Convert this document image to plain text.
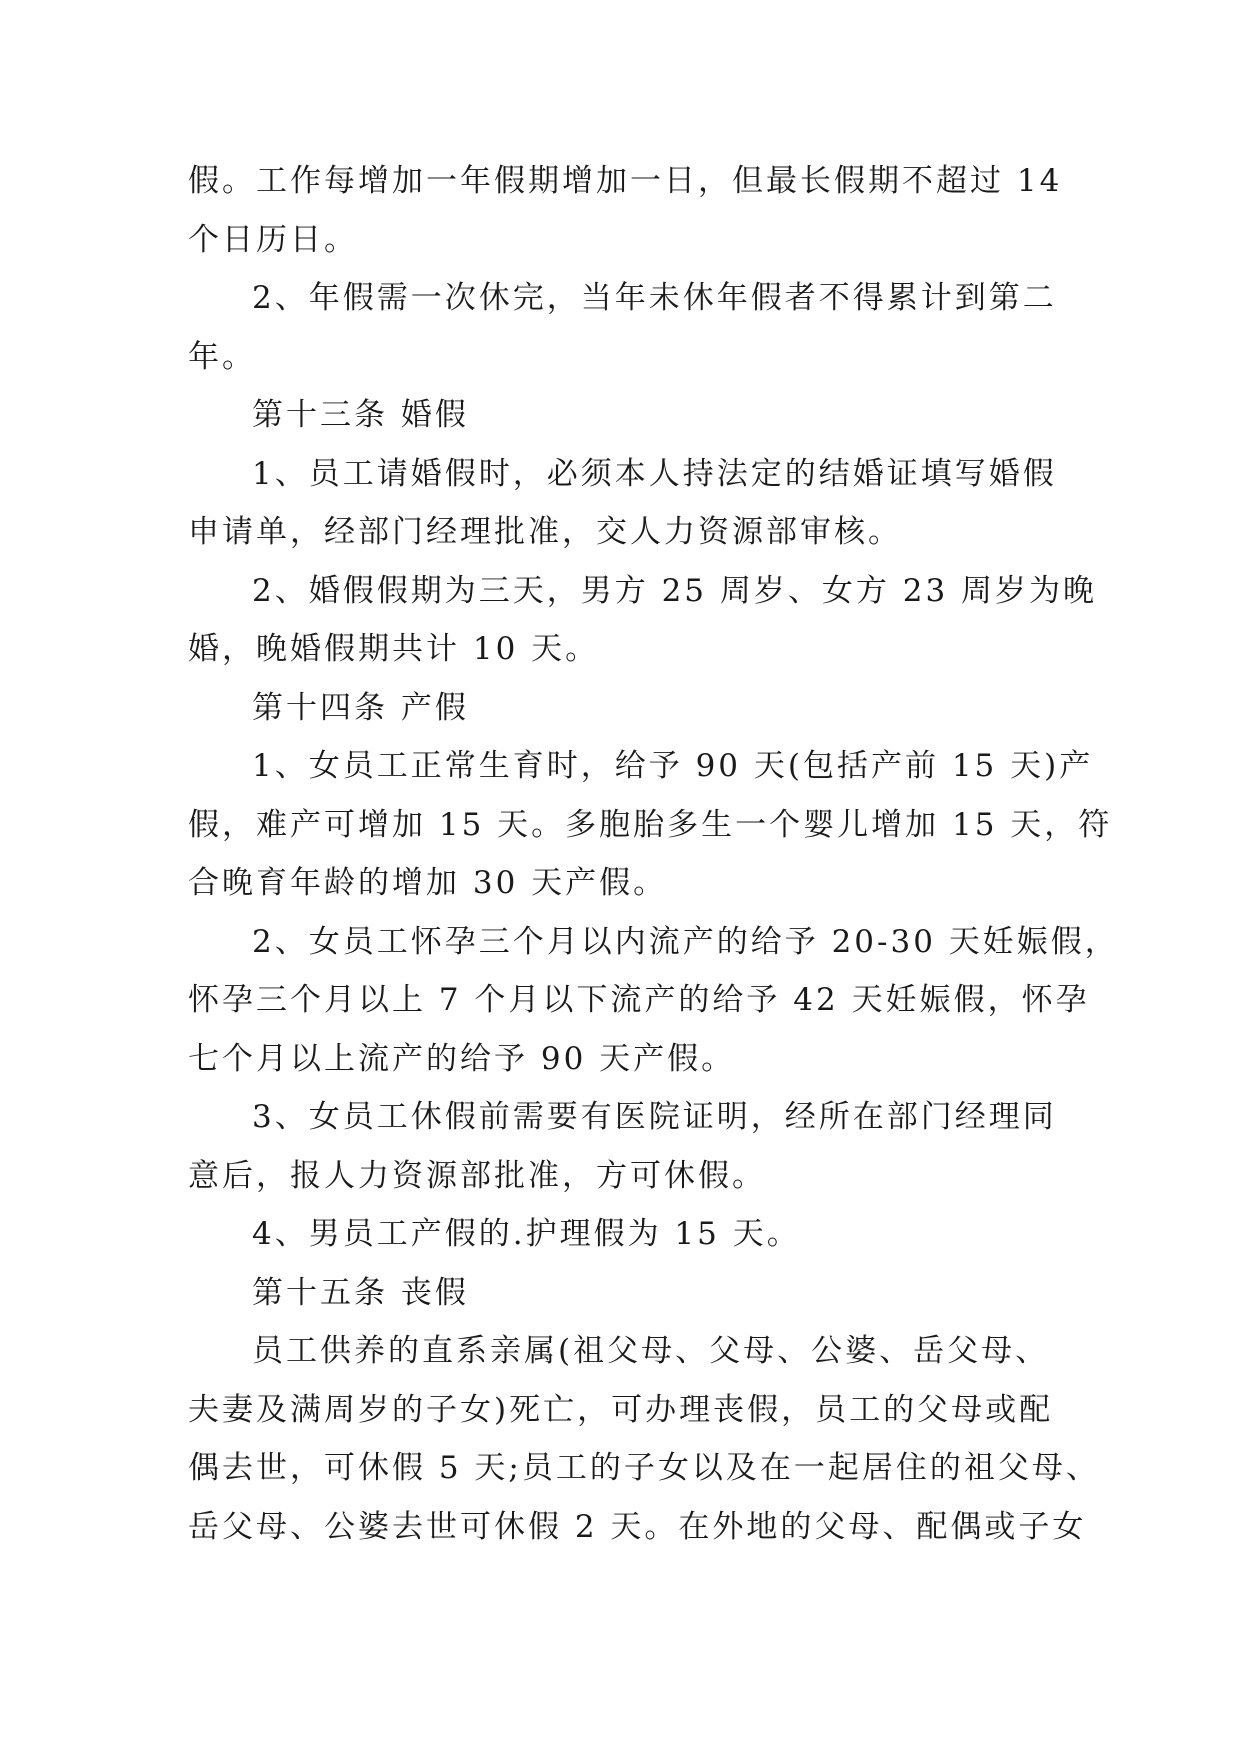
假。工作每增加一年假期增加一日，但最长假期不超过 14
个日历日。
2、年假需一次休完，当年未休年假者不得累计到第二
年。
第十三条 婚假
1、员工请婚假时，必须本人持法定的结婚证填写婚假
申请单，经部门经理批准，交人力资源部审核。
2、婚假假期为三天，男方 25 周岁、女方 23 周岁为晚
婚，晚婚假期共计 10 天。
第十四条 产假
1、女员工正常生育时，给予 90 天(包括产前 15 天)产
假，难产可增加 15 天。多胞胎多生一个婴儿增加 15 天，符
合晚育年龄的增加 30 天产假。
2、女员工怀孕三个月以内流产的给予 20-30 天妊娠假，
怀孕三个月以上 7 个月以下流产的给予 42 天妊娠假，怀孕
七个月以上流产的给予 90 天产假。
3、女员工休假前需要有医院证明，经所在部门经理同
意后，报人力资源部批准，方可休假。
4、男员工产假的.护理假为 15 天。
第十五条 丧假
员工供养的直系亲属(祖父母、父母、公婆、岳父母、
夫妻及满周岁的子女)死亡，可办理丧假，员工的父母或配
偶去世，可休假 5 天;员工的子女以及在一起居住的祖父母、
岳父母、公婆去世可休假 2 天。在外地的父母、配偶或子女
